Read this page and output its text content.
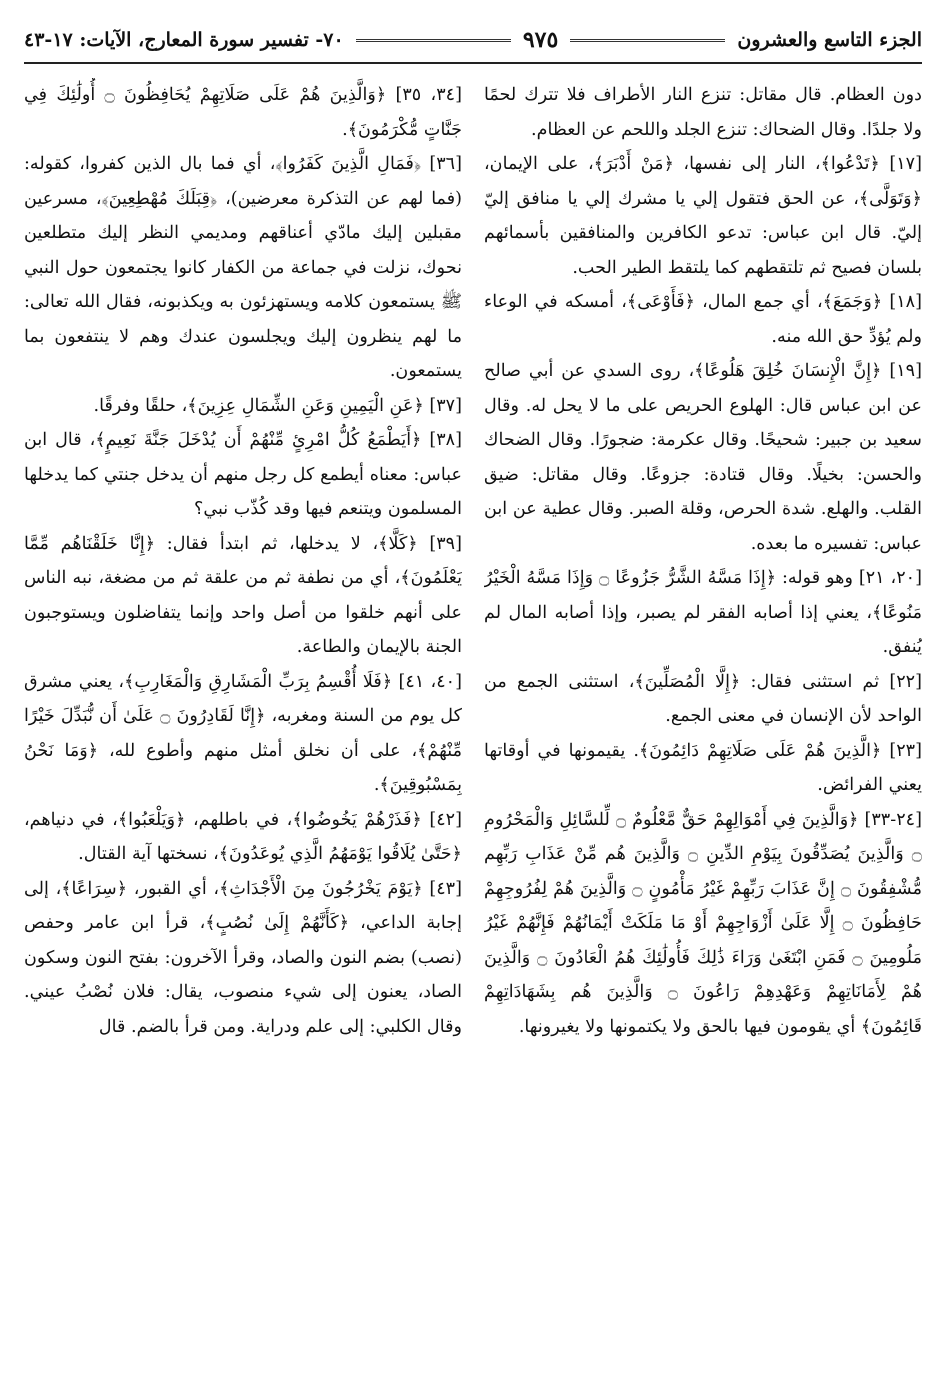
الجزء التاسع والعشرون
٩٧٥
٧٠- تفسير سورة المعارج، الآيات: ١٧-٤٣

دون العظام. قال مقاتل: تنزع النار الأطراف فلا تترك لحمًا ولا جلدًا. وقال الضحاك: تنزع الجلد واللحم عن العظام.

[١٧] ﴿تَدْعُوا﴾، النار إلى نفسها، ﴿مَنْ أَدْبَرَ﴾، على الإيمان، ﴿وَتَوَلَّى﴾، عن الحق فتقول إلي يا مشرك إلي يا منافق إليّ إليّ. قال ابن عباس: تدعو الكافرين والمنافقين بأسمائهم بلسان فصيح ثم تلتقطهم كما يلتقط الطير الحب.

[١٨] ﴿وَجَمَعَ﴾، أي جمع المال، ﴿فَأَوْعَى﴾، أمسكه في الوعاء ولم يُؤدِّ حق الله منه.

[١٩] ﴿إِنَّ الْإِنسَانَ خُلِقَ هَلُوعًا﴾، روى السدي عن أبي صالح عن ابن عباس قال: الهلوع الحريص على ما لا يحل له. وقال سعيد بن جبير: شحيحًا. وقال عكرمة: ضجورًا. وقال الضحاك والحسن: بخيلًا. وقال قتادة: جزوعًا. وقال مقاتل: ضيق القلب. والهلع. شدة الحرص، وقلة الصبر. وقال عطية عن ابن عباس: تفسيره ما بعده.

[٢٠، ٢١] وهو قوله: ﴿إِذَا مَسَّهُ الشَّرُّ جَزُوعًا ۝ وَإِذَا مَسَّهُ الْخَيْرُ مَنُوعًا﴾، يعني إذا أصابه الفقر لم يصبر، وإذا أصابه المال لم يُنفق.

[٢٢] ثم استثنى فقال: ﴿إِلَّا الْمُصَلِّينَ﴾، استثنى الجمع من الواحد لأن الإنسان في معنى الجمع.

[٢٣] ﴿الَّذِينَ هُمْ عَلَى صَلَاتِهِمْ دَائِمُونَ﴾. يقيمونها في أوقاتها يعني الفرائض.

[٢٤-٣٣] ﴿وَالَّذِينَ فِي أَمْوَالِهِمْ حَقٌّ مَّعْلُومٌ ۝ لِّلسَّائِلِ وَالْمَحْرُومِ ۝ وَالَّذِينَ يُصَدِّقُونَ بِيَوْمِ الدِّينِ ۝ وَالَّذِينَ هُم مِّنْ عَذَابِ رَبِّهِم مُّشْفِقُونَ ۝ إِنَّ عَذَابَ رَبِّهِمْ غَيْرُ مَأْمُونٍ ۝ وَالَّذِينَ هُمْ لِفُرُوجِهِمْ حَافِظُونَ ۝ إِلَّا عَلَىٰ أَزْوَاجِهِمْ أَوْ مَا مَلَكَتْ أَيْمَانُهُمْ فَإِنَّهُمْ غَيْرُ مَلُومِينَ ۝ فَمَنِ ابْتَغَىٰ وَرَاءَ ذَٰلِكَ فَأُولَٰئِكَ هُمُ الْعَادُونَ ۝ وَالَّذِينَ هُمْ لِأَمَانَاتِهِمْ وَعَهْدِهِمْ رَاعُونَ ۝ وَالَّذِينَ هُم بِشَهَادَاتِهِمْ قَائِمُونَ﴾ أي يقومون فيها بالحق ولا يكتمونها ولا يغيرونها.

[٣٤، ٣٥] ﴿وَالَّذِينَ هُمْ عَلَى صَلَاتِهِمْ يُحَافِظُونَ ۝ أُولَٰئِكَ فِي جَنَّاتٍ مُّكْرَمُونَ﴾.

[٣٦] ﴿فَمَالِ الَّذِينَ كَفَرُوا﴾، أي فما بال الذين كفروا، كقوله: (فما لهم عن التذكرة معرضين)، ﴿قِبَلَكَ مُهْطِعِينَ﴾، مسرعين مقبلين إليك مادّي أعناقهم ومديمي النظر إليك متطلعين نحوك، نزلت في جماعة من الكفار كانوا يجتمعون حول النبي ﷺ يستمعون كلامه ويستهزئون به ويكذبونه، فقال الله تعالى: ما لهم ينظرون إليك ويجلسون عندك وهم لا ينتفعون بما يستمعون.

[٣٧] ﴿عَنِ الْيَمِينِ وَعَنِ الشِّمَالِ عِزِينَ﴾، حلقًا وفرقًا.

[٣٨] ﴿أَيَطْمَعُ كُلُّ امْرِئٍ مِّنْهُمْ أَن يُدْخَلَ جَنَّةَ نَعِيمٍ﴾، قال ابن عباس: معناه أيطمع كل رجل منهم أن يدخل جنتي كما يدخلها المسلمون ويتنعم فيها وقد كُذّب نبي؟

[٣٩] ﴿كَلَّا﴾، لا يدخلها، ثم ابتدأ فقال: ﴿إِنَّا خَلَقْنَاهُم مِّمَّا يَعْلَمُونَ﴾، أي من نطفة ثم من علقة ثم من مضغة، نبه الناس على أنهم خلقوا من أصل واحد وإنما يتفاضلون ويستوجبون الجنة بالإيمان والطاعة.

[٤٠، ٤١] ﴿فَلَا أُقْسِمُ بِرَبِّ الْمَشَارِقِ وَالْمَغَارِبِ﴾، يعني مشرق كل يوم من السنة ومغربه، ﴿إِنَّا لَقَادِرُونَ ۝ عَلَىٰ أَن نُّبَدِّلَ خَيْرًا مِّنْهُمْ﴾، على أن نخلق أمثل منهم وأطوع لله، ﴿وَمَا نَحْنُ بِمَسْبُوقِينَ﴾.

[٤٢] ﴿فَذَرْهُمْ يَخُوضُوا﴾، في باطلهم، ﴿وَيَلْعَبُوا﴾، في دنياهم، ﴿حَتَّىٰ يُلَاقُوا يَوْمَهُمُ الَّذِي يُوعَدُونَ﴾، نسختها آية القتال.

[٤٣] ﴿يَوْمَ يَخْرُجُونَ مِنَ الْأَجْدَاثِ﴾، أي القبور، ﴿سِرَاعًا﴾، إلى إجابة الداعي، ﴿كَأَنَّهُمْ إِلَىٰ نُصُبٍ﴾، قرأ ابن عامر وحفص (نصب) بضم النون والصاد، وقرأ الآخرون: بفتح النون وسكون الصاد، يعنون إلى شيء منصوب، يقال: فلان نُصْبُ عيني. وقال الكلبي: إلى علم ودراية. ومن قرأ بالضم. قال
